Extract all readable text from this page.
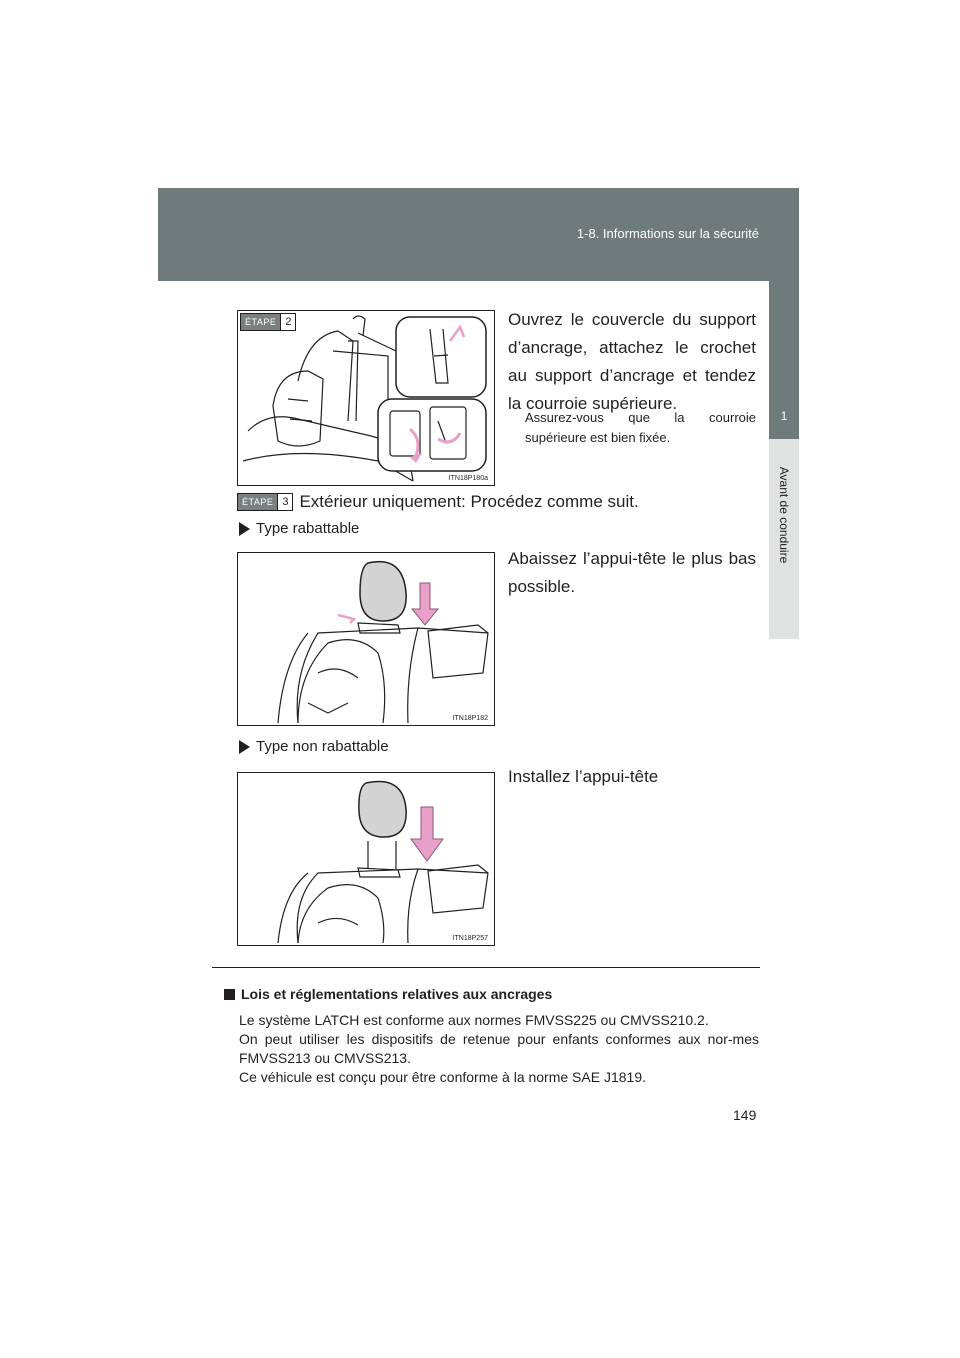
1-8. Informations sur la sécurité
1
Avant de conduire
ÉTAPE 2
ITN18P180a
Ouvrez le couvercle du support d’ancrage, attachez le crochet au support d’ancrage et tendez la courroie supérieure.
Assurez-vous que la courroie supérieure est bien fixée.
ÉTAPE 3 Extérieur uniquement: Procédez comme suit.
Type rabattable
Abaissez l’appui-tête le plus bas possible.
ITN18P182
Type non rabattable
Installez l’appui-tête
ITN18P257
Lois et réglementations relatives aux ancrages

Le système LATCH est conforme aux normes FMVSS225 ou CMVSS210.2.

On peut utiliser les dispositifs de retenue pour enfants conformes aux nor-mes FMVSS213 ou CMVSS213.

Ce véhicule est conçu pour être conforme à la norme SAE J1819.

149
